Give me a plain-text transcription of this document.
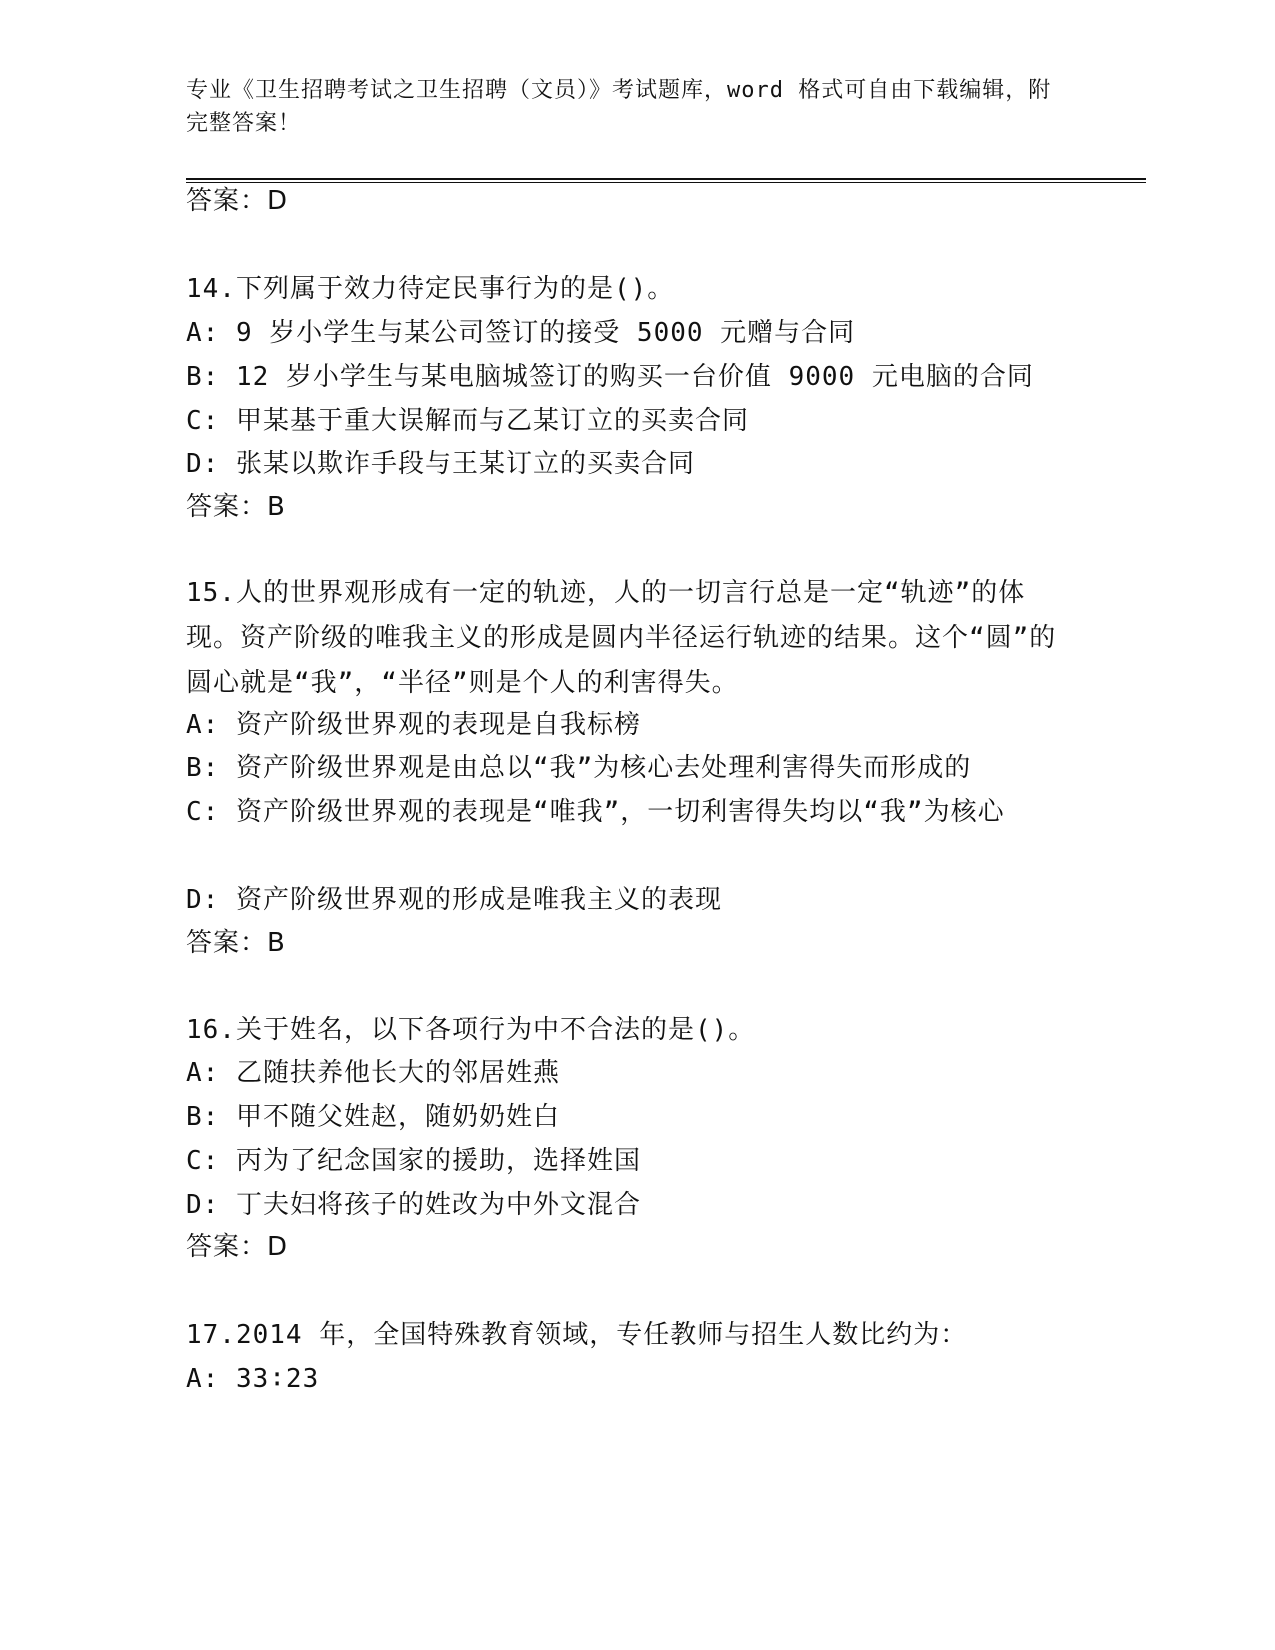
专业《卫生招聘考试之卫生招聘（文员）》考试题库，word 格式可自由下载编辑，附完整答案！
答案：D
14.下列属于效力待定民事行为的是()。
A: 9 岁小学生与某公司签订的接受 5000 元赠与合同
B: 12 岁小学生与某电脑城签订的购买一台价值 9000 元电脑的合同
C: 甲某基于重大误解而与乙某订立的买卖合同
D: 张某以欺诈手段与王某订立的买卖合同
答案：B
15.人的世界观形成有一定的轨迹，人的一切言行总是一定“轨迹”的体现。资产阶级的唯我主义的形成是圆内半径运行轨迹的结果。这个“圆”的圆心就是“我”，“半径”则是个人的利害得失。
A: 资产阶级世界观的表现是自我标榜
B: 资产阶级世界观是由总以“我”为核心去处理利害得失而形成的
C: 资产阶级世界观的表现是“唯我”，一切利害得失均以“我”为核心
D: 资产阶级世界观的形成是唯我主义的表现
答案：B
16.关于姓名，以下各项行为中不合法的是()。
A: 乙随扶养他长大的邻居姓燕
B: 甲不随父姓赵，随奶奶姓白
C: 丙为了纪念国家的援助，选择姓国
D: 丁夫妇将孩子的姓改为中外文混合
答案：D
17.2014 年，全国特殊教育领域，专任教师与招生人数比约为：
A: 33∶23
